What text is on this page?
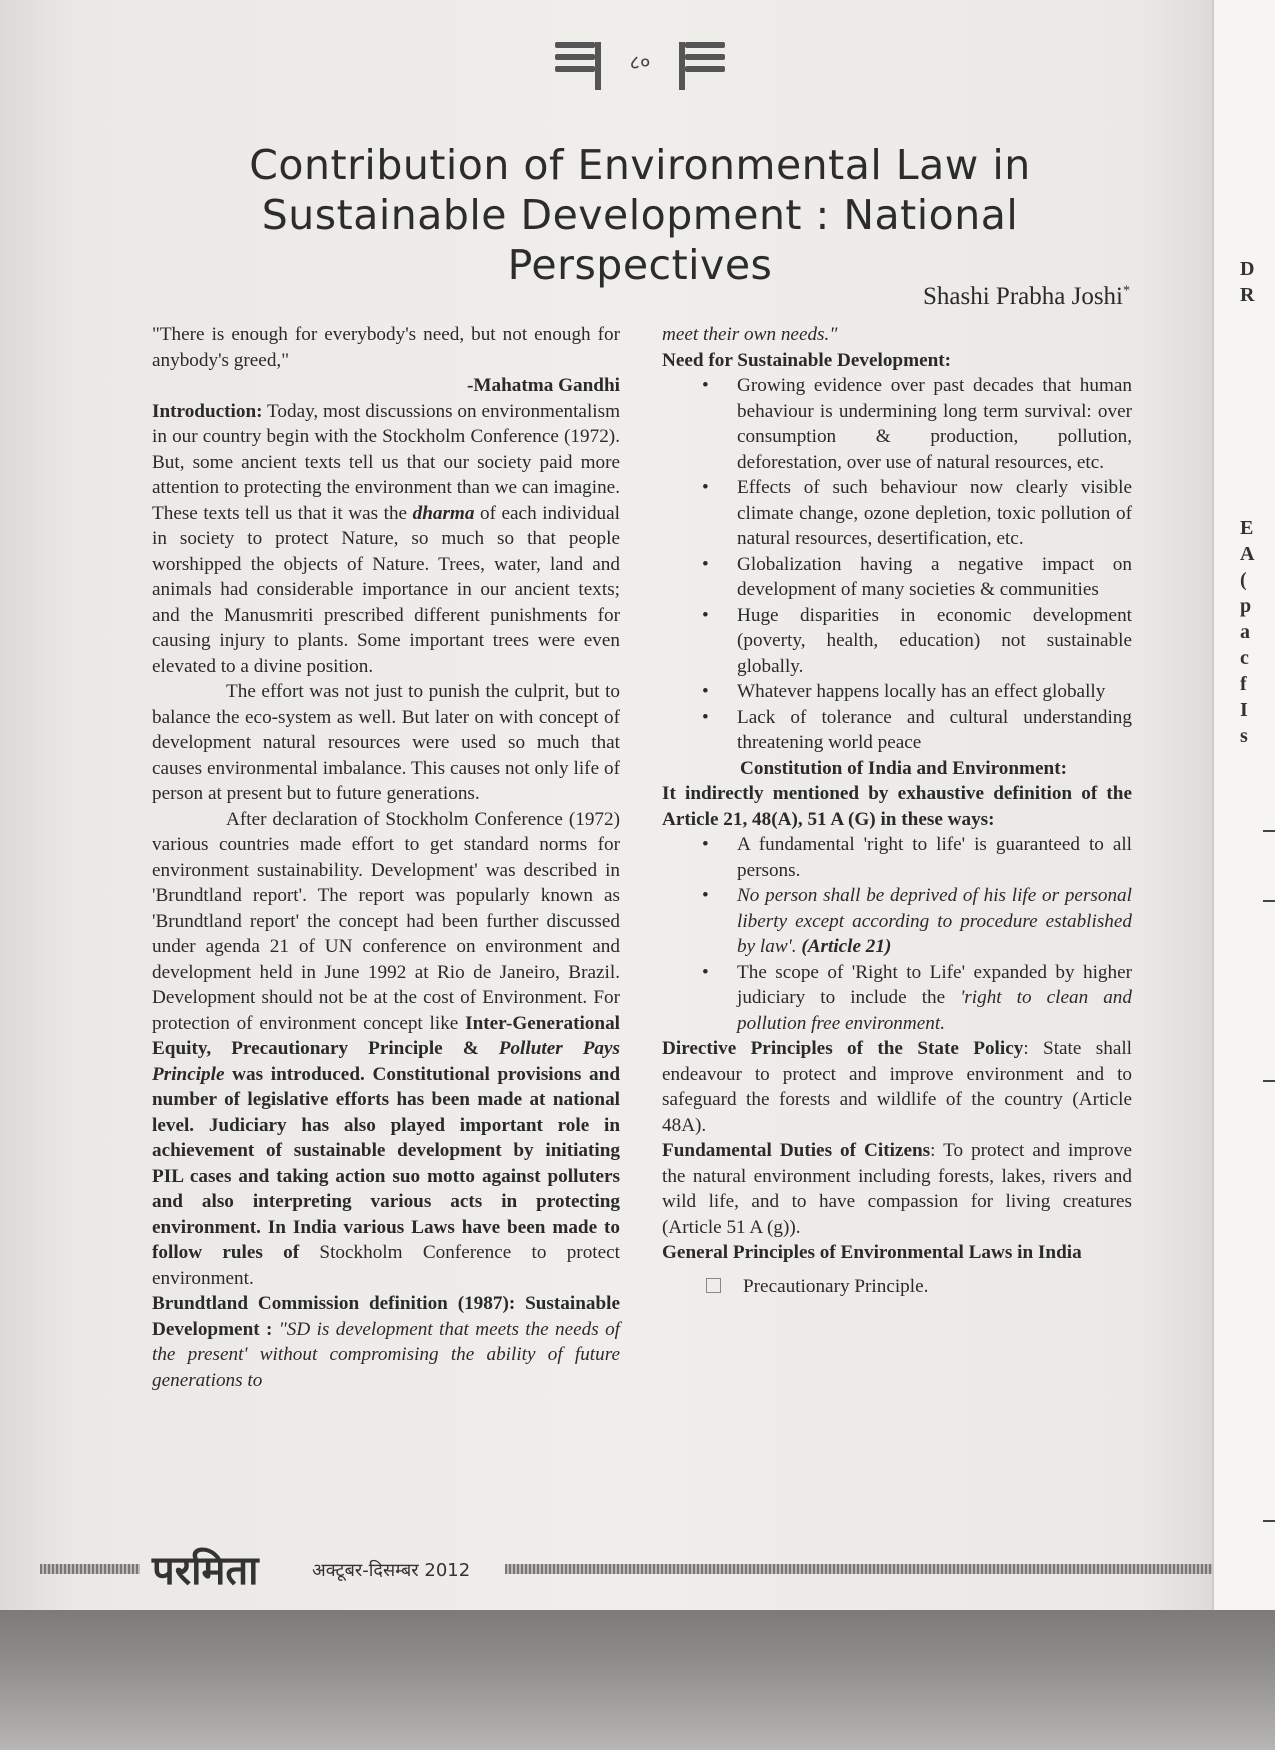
८०
Contribution of Environmental Law in
Sustainable Development : National
Perspectives
Shashi Prabha Joshi*

"There is enough for everybody's need, but not enough for anybody's greed,"

-Mahatma Gandhi

Introduction: Today, most discussions on environmentalism in our country begin with the Stockholm Conference (1972). But, some ancient texts tell us that our society paid more attention to protecting the environment than we can imagine. These texts tell us that it was the dharma of each individual in society to protect Nature, so much so that people worshipped the objects of Nature. Trees, water, land and animals had considerable importance in our ancient texts; and the Manusmriti prescribed different punishments for causing injury to plants. Some important trees were even elevated to a divine position.

The effort was not just to punish the culprit, but to balance the eco-system as well. But later on with concept of development natural resources were used so much that causes environmental imbalance. This causes not only life of person at present but to future generations.

After declaration of Stockholm Conference (1972) various countries made effort to get standard norms for environment sustainability. Development' was described in 'Brundtland report'. The report was popularly known as 'Brundtland report' the concept had been further discussed under agenda 21 of UN conference on environment and development held in June 1992 at Rio de Janeiro, Brazil. Development should not be at the cost of Environment. For protection of environment concept like Inter-Generational Equity, Precautionary Principle & Polluter Pays Principle was introduced. Constitutional provisions and number of legislative efforts has been made at national level. Judiciary has also played important role in achievement of sustainable development by initiating PIL cases and taking action suo motto against polluters and also interpreting various acts in protecting environment. In India various Laws have been made to follow rules of Stockholm Conference to protect environment.

Brundtland Commission definition (1987): Sustainable Development : "SD is development that meets the needs of the present' without compromising the ability of future generations to

meet their own needs."

Need for Sustainable Development:

• Growing evidence over past decades that human behaviour is undermining long term survival: over consumption & production, pollution, deforestation, over use of natural resources, etc.
• Effects of such behaviour now clearly visible climate change, ozone depletion, toxic pollution of natural resources, desertification, etc.
• Globalization having a negative impact on development of many societies & communities
• Huge disparities in economic development (poverty, health, education) not sustainable globally.
• Whatever happens locally has an effect globally
• Lack of tolerance and cultural understanding threatening world peace

Constitution of India and Environment:

It indirectly mentioned by exhaustive definition of the Article 21, 48(A), 51 A (G) in these ways:

• A fundamental 'right to life' is guaranteed to all persons.
• No person shall be deprived of his life or personal liberty except according to procedure established by law'. (Article 21)
• The scope of 'Right to Life' expanded by higher judiciary to include the 'right to clean and pollution free environment.

Directive Principles of the State Policy: State shall endeavour to protect and improve environment and to safeguard the forests and wildlife of the country (Article 48A).

Fundamental Duties of Citizens: To protect and improve the natural environment including forests, lakes, rivers and wild life, and to have compassion for living creatures (Article 51 A (g)).

General Principles of Environmental Laws in India

Precautionary Principle.

परमिता	अक्टूबर-दिसम्बर 2012
D
R
E
A
(
p
a
c
f
I
s
